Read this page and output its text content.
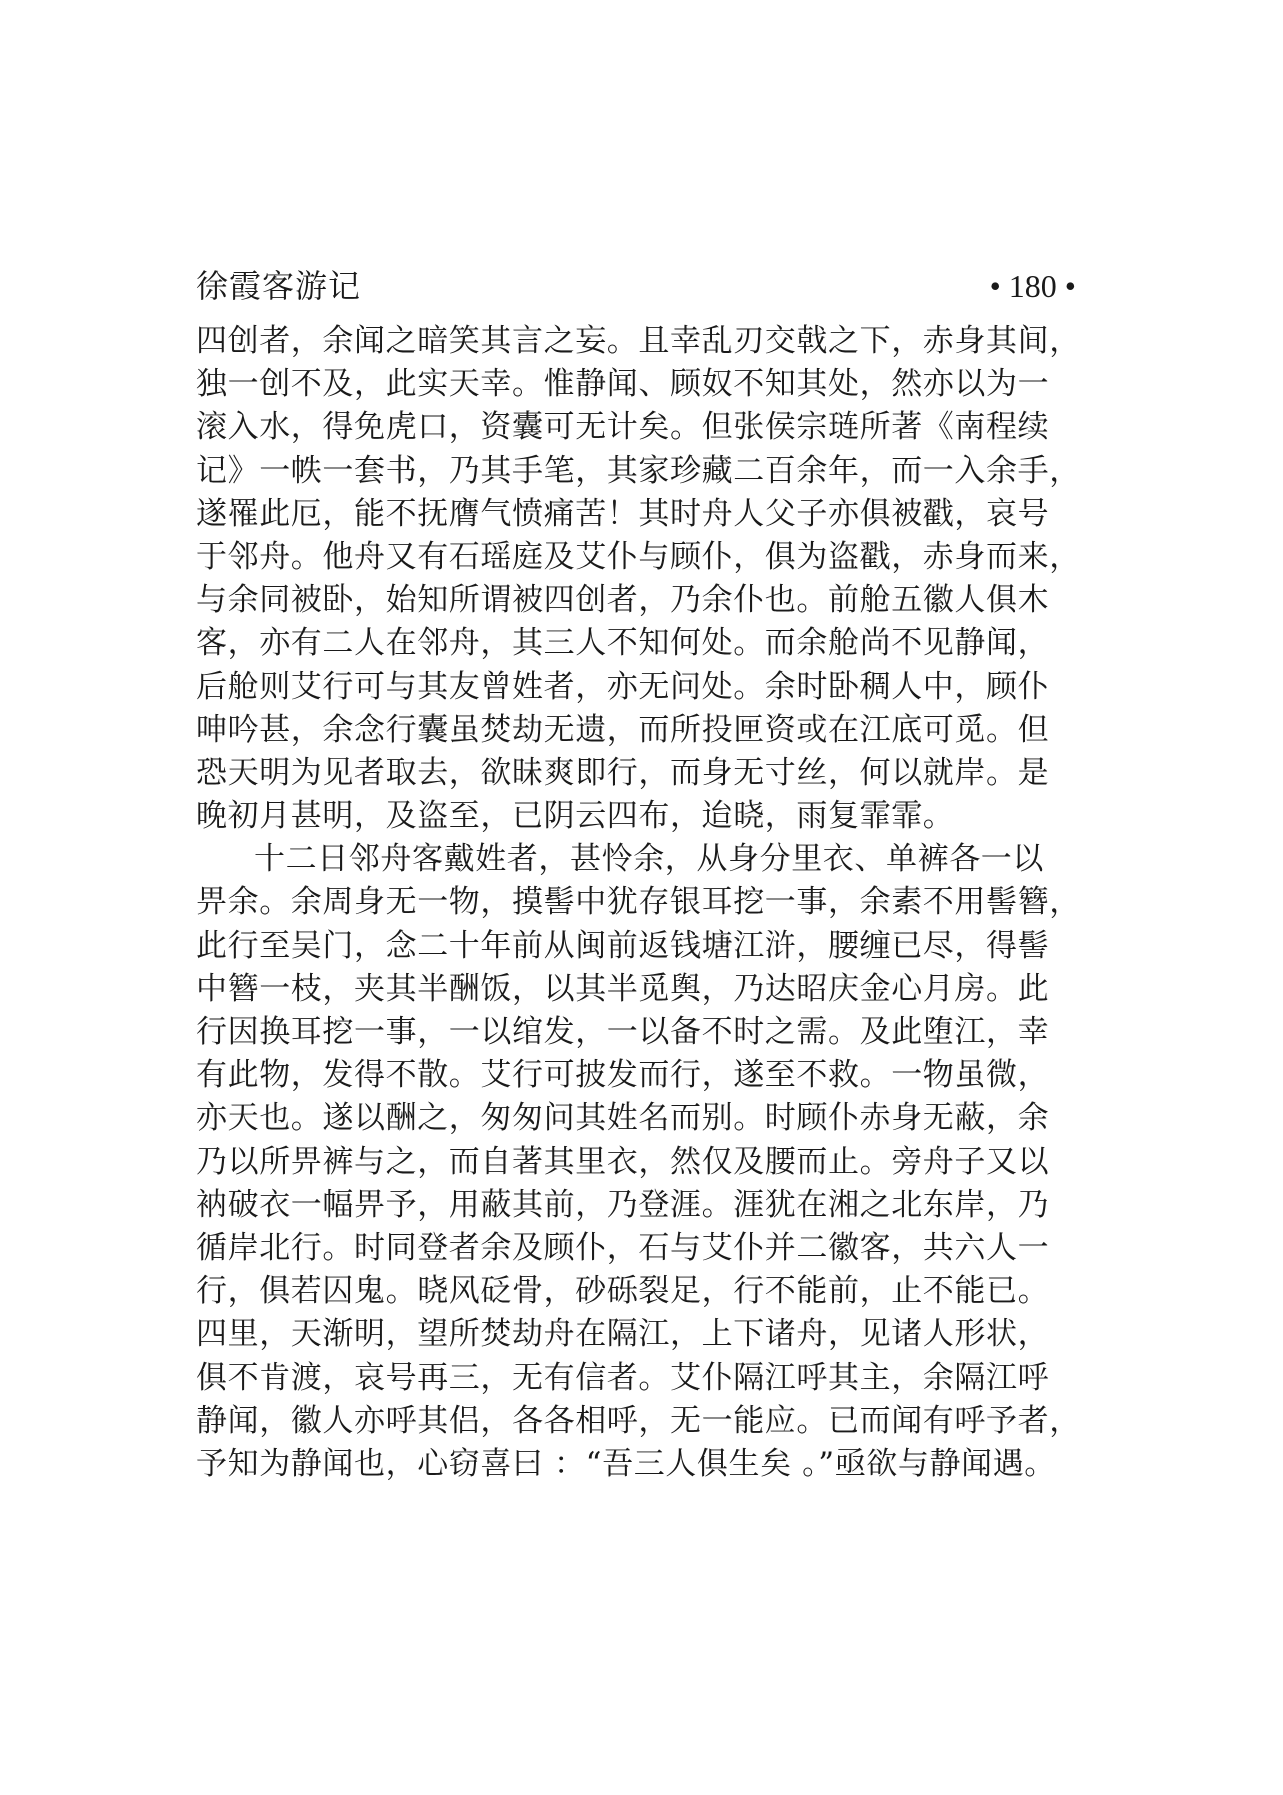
徐霞客游记	• 180 •
四创者，余闻之暗笑其言之妄。且幸乱刃交戟之下，赤身其间，
独一创不及，此实天幸。惟静闻、顾奴不知其处，然亦以为一
滚入水，得免虎口，资囊可无计矣。但张侯宗琏所著《南程续
记》一帙一套书，乃其手笔，其家珍藏二百余年，而一入余手，
遂罹此厄，能不抚膺气愤痛苦！其时舟人父子亦俱被戳，哀号
于邻舟。他舟又有石瑶庭及艾仆与顾仆，俱为盗戳，赤身而来，
与余同被卧，始知所谓被四创者，乃余仆也。前舱五徽人俱木
客，亦有二人在邻舟，其三人不知何处。而余舱尚不见静闻，
后舱则艾行可与其友曾姓者，亦无问处。余时卧稠人中，顾仆
呻吟甚，余念行囊虽焚劫无遗，而所投匣资或在江底可觅。但
恐天明为见者取去，欲昧爽即行，而身无寸丝，何以就岸。是
晚初月甚明，及盗至，已阴云四布，迨晓，雨复霏霏。
十二日邻舟客戴姓者，甚怜余，从身分里衣、单裤各一以
畀余。余周身无一物，摸髻中犹存银耳挖一事，余素不用髻簪，
此行至吴门，念二十年前从闽前返钱塘江浒，腰缠已尽，得髻
中簪一枝，夹其半酬饭，以其半觅舆，乃达昭庆金心月房。此
行因换耳挖一事，一以绾发，一以备不时之需。及此堕江，幸
有此物，发得不散。艾行可披发而行，遂至不救。一物虽微，
亦天也。遂以酬之，匆匆问其姓名而别。时顾仆赤身无蔽，余
乃以所畀裤与之，而自著其里衣，然仅及腰而止。旁舟子又以
衲破衣一幅畀予，用蔽其前，乃登涯。涯犹在湘之北东岸，乃
循岸北行。时同登者余及顾仆，石与艾仆并二徽客，共六人一
行，俱若囚鬼。晓风砭骨，砂砾裂足，行不能前，止不能已。
四里，天渐明，望所焚劫舟在隔江，上下诸舟，见诸人形状，
俱不肯渡，哀号再三，无有信者。艾仆隔江呼其主，余隔江呼
静闻，徽人亦呼其侣，各各相呼，无一能应。已而闻有呼予者，
予知为静闻也，心窃喜曰 ：“吾三人俱生矣 。”亟欲与静闻遇。
